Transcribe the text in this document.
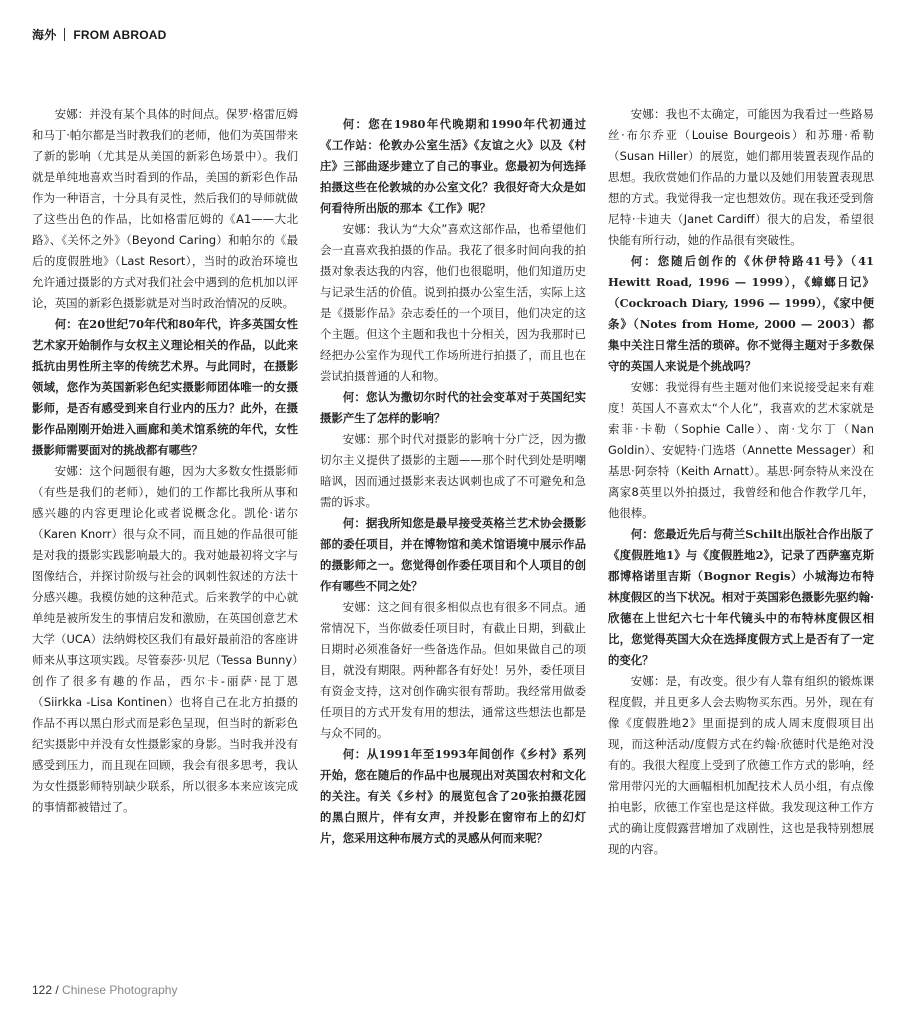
海外 FROM ABROAD

安娜：并没有某个具体的时间点。保罗·格雷厄姆和马丁·帕尔都是当时教我们的老师，他们为英国带来了新的影响（尤其是从美国的新彩色场景中）。我们就是单纯地喜欢当时看到的作品，美国的新彩色作品作为一种语言，十分具有灵性，然后我们的导师就做了这些出色的作品，比如格雷厄姆的《A1——大北路》、《关怀之外》（Beyond Caring）和帕尔的《最后的度假胜地》（Last Resort），当时的政治环境也允许通过摄影的方式对我们社会中遇到的危机加以评论，英国的新彩色摄影就是对当时政治情况的反映。

何：在20世纪70年代和80年代，许多英国女性艺术家开始制作与女权主义理论相关的作品，以此来抵抗由男性所主宰的传统艺术界。与此同时，在摄影领域，您作为英国新彩色纪实摄影师团体唯一的女摄影师，是否有感受到来自行业内的压力？此外，在摄影作品刚刚开始进入画廊和美术馆系统的年代，女性摄影师需要面对的挑战都有哪些？

安娜：这个问题很有趣，因为大多数女性摄影师（有些是我们的老师），她们的工作都比我所从事和感兴趣的内容更理论化或者说概念化。凯伦·诺尔（Karen Knorr）很与众不同，而且她的作品很可能是对我的摄影实践影响最大的。我对她最初将文字与图像结合，并探讨阶级与社会的讽刺性叙述的方法十分感兴趣。我模仿她的这种范式。后来教学的中心就单纯是被所发生的事情启发和激励，在英国创意艺术大学（UCA）法纳姆校区我们有最好最前沿的客座讲师来从事这项实践。尽管泰莎·贝尼（Tessa Bunny）创作了很多有趣的作品，西尔卡-丽萨·昆丁恩（Siirkka -Lisa Kontinen）也将自己在北方拍摄的作品不再以黑白形式而是彩色呈现，但当时的新彩色纪实摄影中并没有女性摄影家的身影。当时我并没有感受到压力，而且现在回顾，我会有很多思考，我认为女性摄影师特别缺少联系，所以很多本来应该完成的事情都被错过了。

何：您在1980年代晚期和1990年代初通过《工作站：伦敦办公室生活》《友谊之火》以及《村庄》三部曲逐步建立了自己的事业。您最初为何选择拍摄这些在伦敦城的办公室文化？我很好奇大众是如何看待所出版的那本《工作》呢？

安娜：我认为“大众”喜欢这部作品，也希望他们会一直喜欢我拍摄的作品。我花了很多时间向我的拍摄对象表达我的内容，他们也很聪明，他们知道历史与记录生活的价值。说到拍摄办公室生活，实际上这是《摄影作品》杂志委任的一个项目，他们决定的这个主题。但这个主题和我也十分相关，因为我那时已经把办公室作为现代工作场所进行拍摄了，而且也在尝试拍摄普通的人和物。

何：您认为撒切尔时代的社会变革对于英国纪实摄影产生了怎样的影响？

安娜：那个时代对摄影的影响十分广泛，因为撒切尔主义提供了摄影的主题——那个时代到处是明嘲暗讽，因而通过摄影来表达讽刺也成了不可避免和急需的诉求。

何：据我所知您是最早接受英格兰艺术协会摄影部的委任项目，并在博物馆和美术馆语境中展示作品的摄影师之一。您觉得创作委任项目和个人项目的创作有哪些不同之处？

安娜：这之间有很多相似点也有很多不同点。通常情况下，当你做委任项目时，有截止日期，到截止日期时必须准备好一些备选作品。但如果做自己的项目，就没有期限。两种都各有好处！另外，委任项目有资金支持，这对创作确实很有帮助。我经常用做委任项目的方式开发有用的想法，通常这些想法也都是与众不同的。

何：从1991年至1993年间创作《乡村》系列开始，您在随后的作品中也展现出对英国农村和文化的关注。有关《乡村》的展览包含了20张拍摄花园的黑白照片，伴有女声，并投影在窗帘布上的幻灯片，您采用这种布展方式的灵感从何而来呢？

安娜：我也不太确定，可能因为我看过一些路易丝·布尔乔亚（Louise Bourgeois）和苏珊·希勒（Susan Hiller）的展览，她们都用装置表现作品的思想。我欣赏她们作品的力量以及她们用装置表现思想的方式。我觉得我一定也想效仿。现在我还受到詹尼特·卡迪夫（Janet Cardiff）很大的启发，希望很快能有所行动，她的作品很有突破性。

何：您随后创作的《休伊特路41号》（41 Hewitt Road, 1996 — 1999），《蟑螂日记》（Cockroach Diary, 1996 — 1999），《家中便条》（Notes from Home, 2000 — 2003）都集中关注日常生活的琐碎。你不觉得主题对于多数保守的英国人来说是个挑战吗？

安娜：我觉得有些主题对他们来说接受起来有难度！英国人不喜欢太“个人化”，我喜欢的艺术家就是索菲·卡勒（Sophie Calle）、南·戈尔丁（Nan Goldin）、安妮特·门选塔（Annette Messager）和基思·阿奈特（Keith Arnatt）。基思·阿奈特从来没在离家8英里以外拍摄过，我曾经和他合作教学几年，他很棒。

何：您最近先后与荷兰Schilt出版社合作出版了《度假胜地1》与《度假胜地2》，记录了西萨塞克斯郡博格诺里吉斯（Bognor Regis）小城海边布特林度假区的当下状况。相对于英国彩色摄影先驱约翰·欣德在上世纪六七十年代镜头中的布特林度假区相比，您觉得英国大众在选择度假方式上是否有了一定的变化？

安娜：是，有改变。很少有人靠有组织的锻炼课程度假，并且更多人会去购物买东西。另外，现在有像《度假胜地2》里面提到的成人周末度假项目出现，而这种活动/度假方式在约翰·欣德时代是绝对没有的。我很大程度上受到了欣德工作方式的影响，经常用带闪光的大画幅相机加配技术人员小组，有点像拍电影，欣德工作室也是这样做。我发现这种工作方式的确让度假露营增加了戏剧性，这也是我特别想展现的内容。

122 / Chinese Photography
